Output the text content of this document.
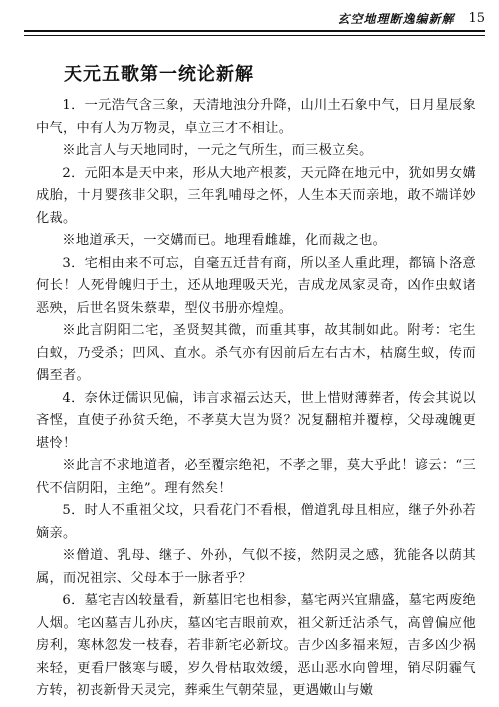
玄空地理断逸编新解 15
天元五歌第一统论新解

1．一元浩气含三象，天清地浊分升降，山川土石象中气，日月星辰象中气，中有人为万物灵，卓立三才不相让。

※此言人与天地同时，一元之气所生，而三极立矣。

2．元阳本是天中来，形从大地产根荄，天元降在地元中，犹如男女媾成胎，十月婴孩非父职，三年乳哺母之怀，人生本天而亲地，敢不端详妙化裁。

※地道承天，一交媾而已。地理看雌雄，化而裁之也。

3．宅相由来不可忘，自毫五迁昔有商，所以圣人重此理，都镐卜洛意何长！人死骨魄归于土，还从地理吸天光，吉成龙凤家灵奇，凶作虫蚁诸恶殃，后世名贤朱蔡辈，型仪书册亦煌煌。

※此言阴阳二宅，圣贤契其微，而重其事，故其制如此。附考：宅生白蚁，乃受杀；凹风、直水。杀气亦有因前后左右古木，枯腐生蚁，传而偶至者。

4．奈休迂儒识见偏，讳言求福云达天，世上惜财薄葬者，传会其说以吝悭，直使子孙贫夭绝，不孝莫大岂为贤？况复翻棺并覆椁，父母魂魄更堪怜！

※此言不求地道者，必至覆宗绝祀，不孝之罪，莫大乎此！谚云：“三代不信阴阳，主绝”。理有然矣！

5．时人不重祖父坟，只看花门不看根，僧道乳母且相应，继子外孙若嫡亲。

※僧道、乳母、继子、外孙，气似不接，然阴灵之感，犹能各以荫其属，而况祖宗、父母本于一脉者乎？

6．墓宅吉凶较量看，新墓旧宅也相参，墓宅两兴宜鼎盛，墓宅两废绝人烟。宅凶墓吉儿孙庆，墓凶宅吉眼前欢，祖父新迁沾杀气，高曾偏应他房利，寒林忽发一枝春，若非新宅必新坟。吉少凶多福来短，吉多凶少祸来轻，更看尸骸寒与暖，岁久骨枯取效缓，恶山恶水向曾埋，销尽阴霾气方转，初丧新骨天灵完，葬乘生气朝荣显，更遇嫩山与嫩
